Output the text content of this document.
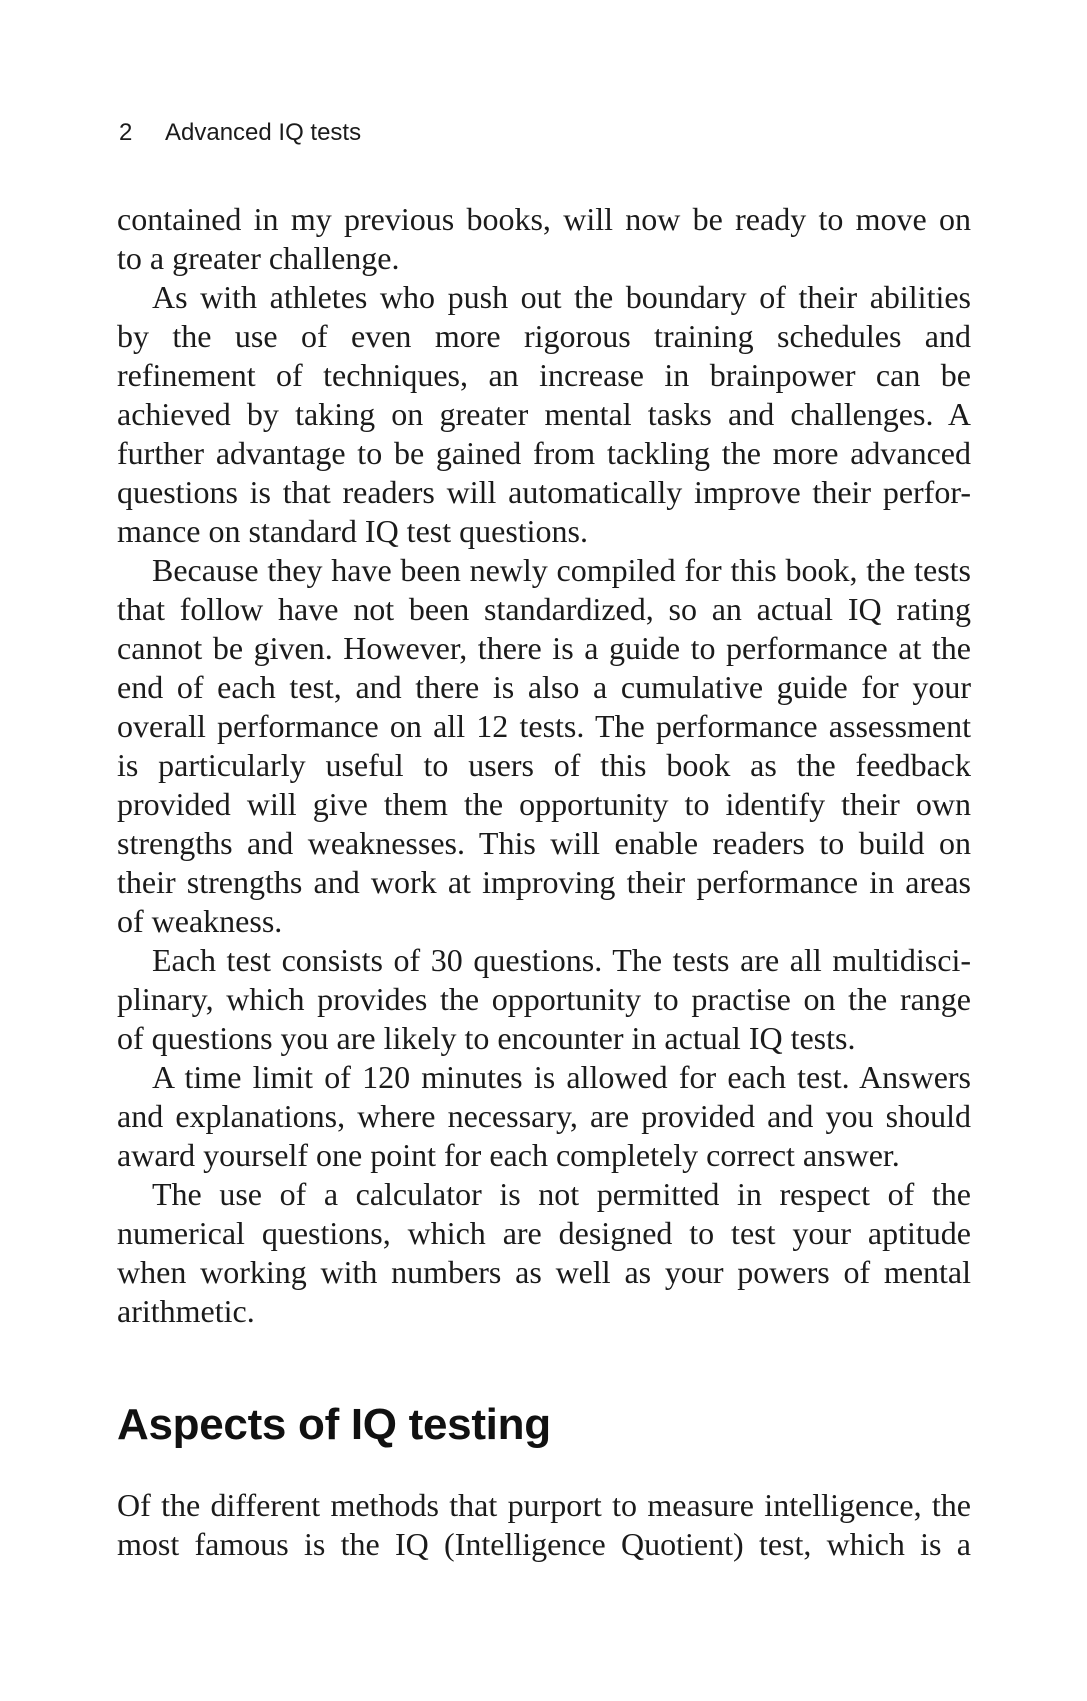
2 Advanced IQ tests
contained in my previous books, will now be ready to move on
to a greater challenge.
As with athletes who push out the boundary of their abilities
by the use of even more rigorous training schedules and
refinement of techniques, an increase in brainpower can be
achieved by taking on greater mental tasks and challenges. A
further advantage to be gained from tackling the more advanced
questions is that readers will automatically improve their perfor-
mance on standard IQ test questions.
Because they have been newly compiled for this book, the tests
that follow have not been standardized, so an actual IQ rating
cannot be given. However, there is a guide to performance at the
end of each test, and there is also a cumulative guide for your
overall performance on all 12 tests. The performance assessment
is particularly useful to users of this book as the feedback
provided will give them the opportunity to identify their own
strengths and weaknesses. This will enable readers to build on
their strengths and work at improving their performance in areas
of weakness.
Each test consists of 30 questions. The tests are all multidisci-
plinary, which provides the opportunity to practise on the range
of questions you are likely to encounter in actual IQ tests.
A time limit of 120 minutes is allowed for each test. Answers
and explanations, where necessary, are provided and you should
award yourself one point for each completely correct answer.
The use of a calculator is not permitted in respect of the
numerical questions, which are designed to test your aptitude
when working with numbers as well as your powers of mental
arithmetic.
Aspects of IQ testing
Of the different methods that purport to measure intelligence, the
most famous is the IQ (Intelligence Quotient) test, which is a
